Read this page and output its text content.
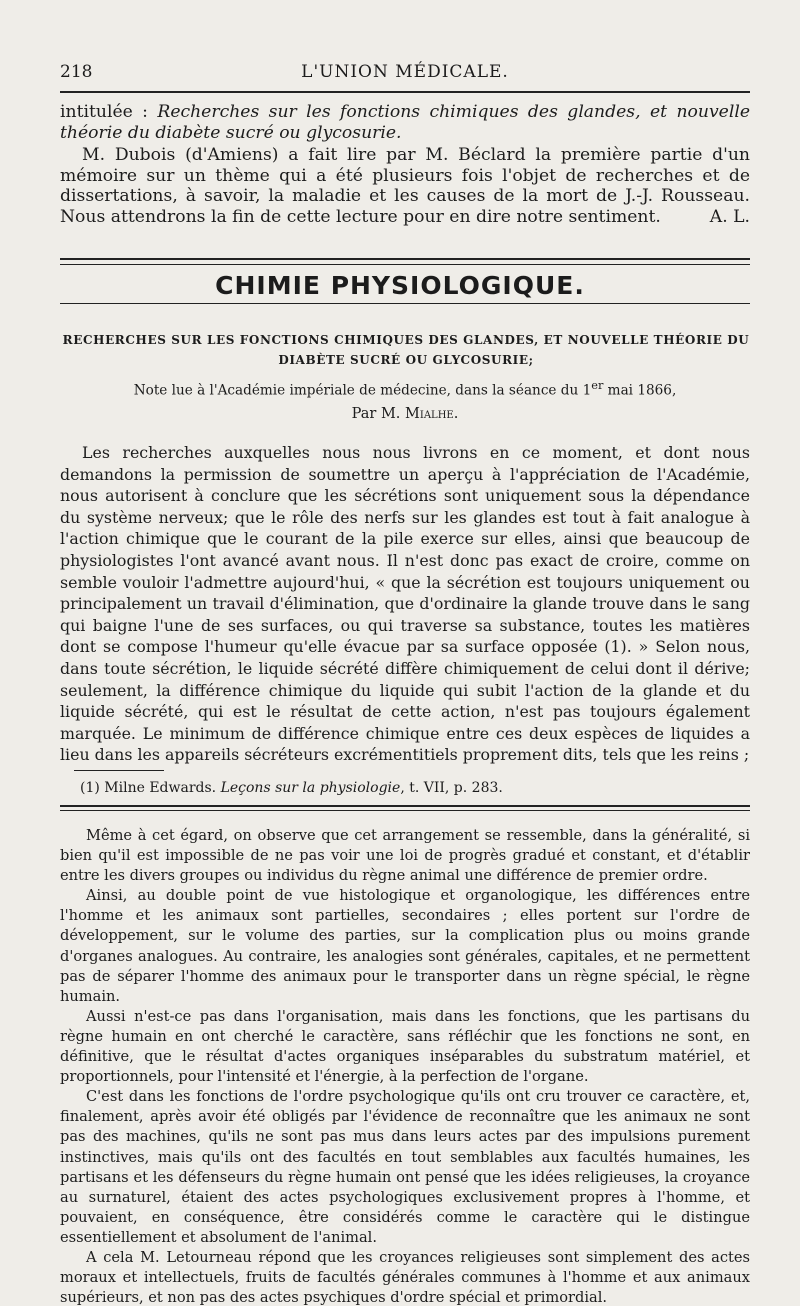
218	L'UNION MÉDICALE.

intitulée : Recherches sur les fonctions chimiques des glandes, et nouvelle théorie du diabète sucré ou glycosurie.

M. Dubois (d'Amiens) a fait lire par M. Béclard la première partie d'un mémoire sur un thème qui a été plusieurs fois l'objet de recherches et de dissertations, à savoir, la maladie et les causes de la mort de J.-J. Rousseau. Nous attendrons la fin de cette lecture pour en dire notre sentiment.	A. L.

CHIMIE PHYSIOLOGIQUE.
RECHERCHES SUR LES FONCTIONS CHIMIQUES DES GLANDES, ET NOUVELLE THÉORIE DU DIABÈTE SUCRÉ OU GLYCOSURIE;
Note lue à l'Académie impériale de médecine, dans la séance du 1er mai 1866,
Par M. Mialhe.

Les recherches auxquelles nous nous livrons en ce moment, et dont nous demandons la permission de soumettre un aperçu à l'appréciation de l'Académie, nous autorisent à conclure que les sécrétions sont uniquement sous la dépendance du système nerveux; que le rôle des nerfs sur les glandes est tout à fait analogue à l'action chimique que le courant de la pile exerce sur elles, ainsi que beaucoup de physiologistes l'ont avancé avant nous. Il n'est donc pas exact de croire, comme on semble vouloir l'admettre aujourd'hui, « que la sécrétion est toujours uniquement ou principalement un travail d'élimination, que d'ordinaire la glande trouve dans le sang qui baigne l'une de ses surfaces, ou qui traverse sa substance, toutes les matières dont se compose l'humeur qu'elle évacue par sa surface opposée (1). » Selon nous, dans toute sécrétion, le liquide sécrété diffère chimiquement de celui dont il dérive; seulement, la différence chimique du liquide qui subit l'action de la glande et du liquide sécrété, qui est le résultat de cette action, n'est pas toujours également marquée. Le minimum de différence chimique entre ces deux espèces de liquides a lieu dans les appareils sécréteurs excrémentitiels proprement dits, tels que les reins ;

(1) Milne Edwards. Leçons sur la physiologie, t. VII, p. 283.

Même à cet égard, on observe que cet arrangement se ressemble, dans la généralité, si bien qu'il est impossible de ne pas voir une loi de progrès gradué et constant, et d'établir entre les divers groupes ou individus du règne animal une différence de premier ordre.

Ainsi, au double point de vue histologique et organologique, les différences entre l'homme et les animaux sont partielles, secondaires ; elles portent sur l'ordre de développement, sur le volume des parties, sur la complication plus ou moins grande d'organes analogues. Au contraire, les analogies sont générales, capitales, et ne permettent pas de séparer l'homme des animaux pour le transporter dans un règne spécial, le règne humain.

Aussi n'est-ce pas dans l'organisation, mais dans les fonctions, que les partisans du règne humain en ont cherché le caractère, sans réfléchir que les fonctions ne sont, en définitive, que le résultat d'actes organiques inséparables du substratum matériel, et proportionnels, pour l'intensité et l'énergie, à la perfection de l'organe.

C'est dans les fonctions de l'ordre psychologique qu'ils ont cru trouver ce caractère, et, finalement, après avoir été obligés par l'évidence de reconnaître que les animaux ne sont pas des machines, qu'ils ne sont pas mus dans leurs actes par des impulsions purement instinctives, mais qu'ils ont des facultés en tout semblables aux facultés humaines, les partisans et les défenseurs du règne humain ont pensé que les idées religieuses, la croyance au surnaturel, étaient des actes psychologiques exclusivement propres à l'homme, et pouvaient, en conséquence, être considérés comme le caractère qui le distingue essentiellement et absolument de l'animal.

A cela M. Letourneau répond que les croyances religieuses sont simplement des actes moraux et intellectuels, fruits de facultés générales communes à l'homme et aux animaux supérieurs, et non pas des actes psychiques d'ordre spécial et primordial.
